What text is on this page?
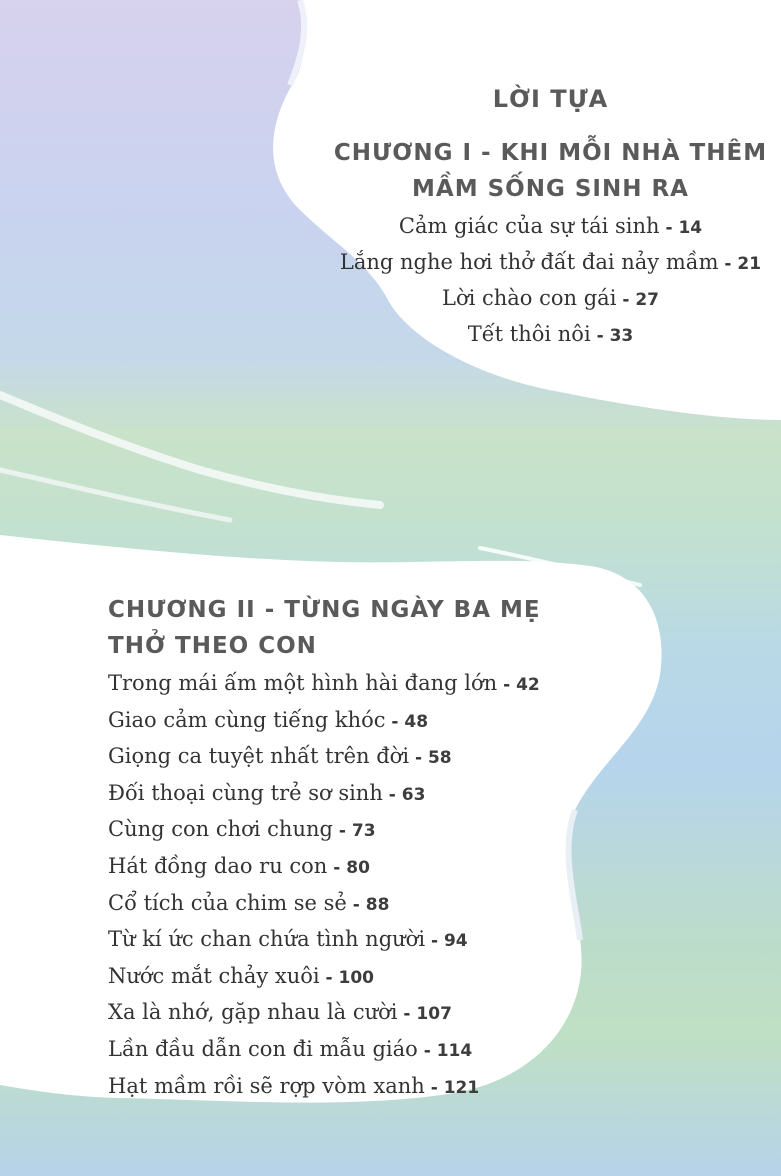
LỜI TỰA
CHƯƠNG I - KHI MỖI NHÀ THÊM
MẦM SỐNG SINH RA
Cảm giác của sự tái sinh - 14
Lắng nghe hơi thở đất đai nảy mầm - 21
Lời chào con gái - 27
Tết thôi nôi - 33
CHƯƠNG II - TỪNG NGÀY BA MẸ
THỞ THEO CON
Trong mái ấm một hình hài đang lớn - 42
Giao cảm cùng tiếng khóc - 48
Giọng ca tuyệt nhất trên đời - 58
Đối thoại cùng trẻ sơ sinh - 63
Cùng con chơi chung - 73
Hát đồng dao ru con - 80
Cổ tích của chim se sẻ - 88
Từ kí ức chan chứa tình người - 94
Nước mắt chảy xuôi - 100
Xa là nhớ, gặp nhau là cười - 107
Lần đầu dẫn con đi mẫu giáo - 114
Hạt mầm rồi sẽ rợp vòm xanh - 121
